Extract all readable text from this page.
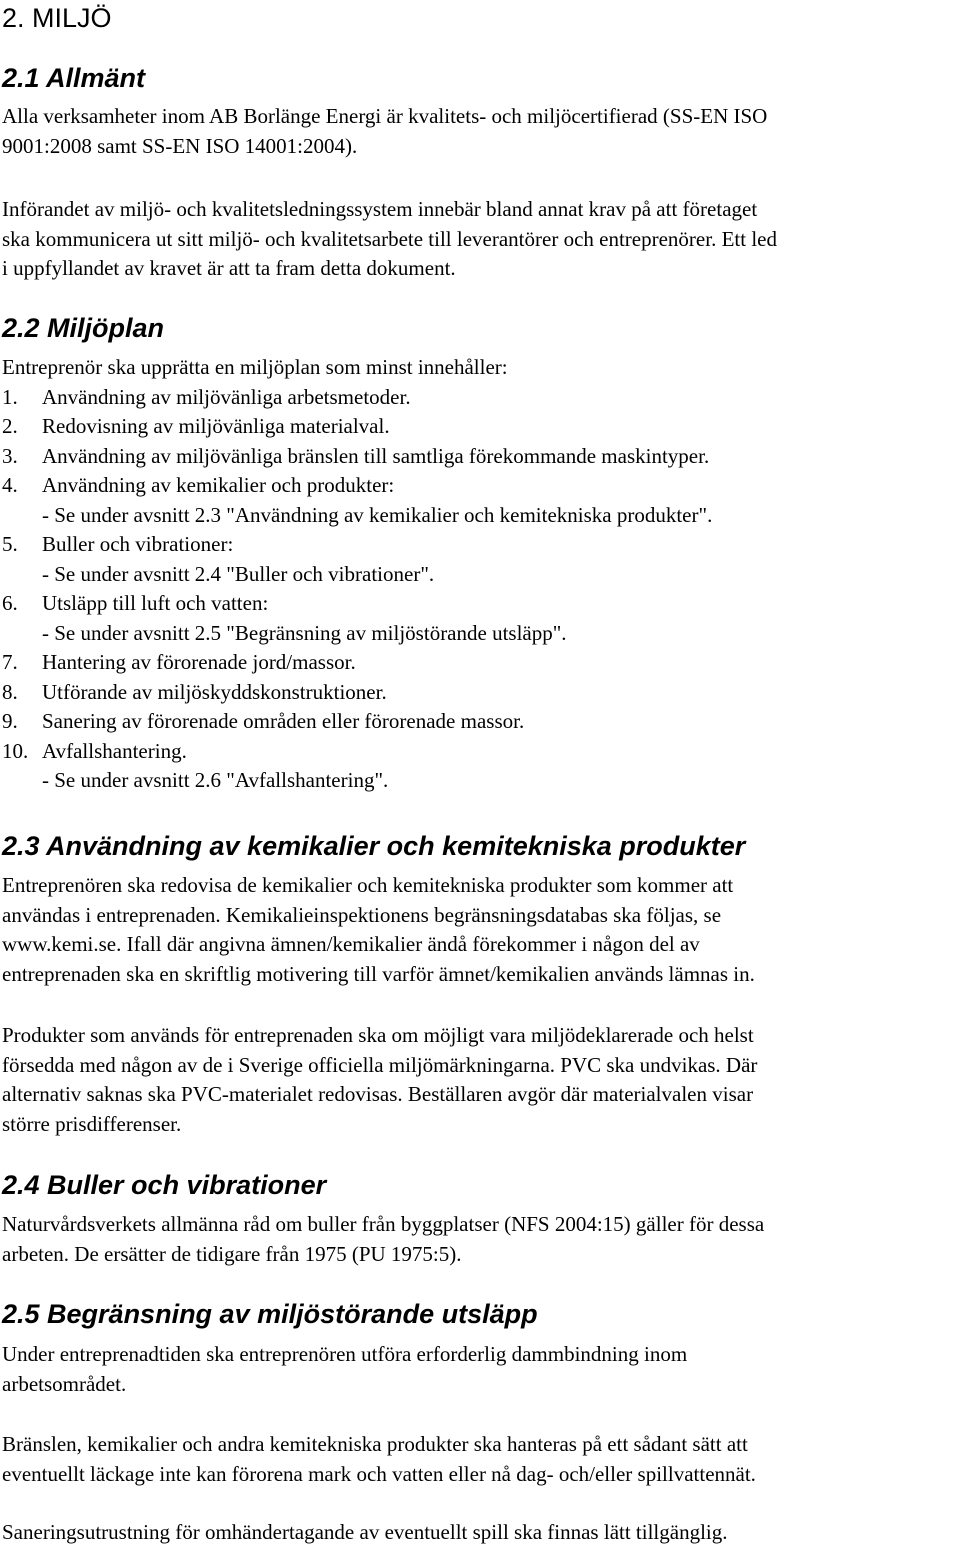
2. MILJÖ
2.1 Allmänt

Alla verksamheter inom AB Borlänge Energi är kvalitets- och miljöcertifierad (SS-EN ISO
9001:2008 samt SS-EN ISO 14001:2004).

Införandet av miljö- och kvalitetsledningssystem innebär bland annat krav på att företaget
ska kommunicera ut sitt miljö- och kvalitetsarbete till leverantörer och entreprenörer. Ett led
i uppfyllandet av kravet är att ta fram detta dokument.

2.2 Miljöplan

Entreprenör ska upprätta en miljöplan som minst innehåller:

1. Användning av miljövänliga arbetsmetoder.
2. Redovisning av miljövänliga materialval.
3. Användning av miljövänliga bränslen till samtliga förekommande maskintyper.
4. Användning av kemikalier och produkter:
- Se under avsnitt 2.3 "Användning av kemikalier och kemitekniska produkter".
5. Buller och vibrationer:
- Se under avsnitt 2.4 "Buller och vibrationer".
6. Utsläpp till luft och vatten:
- Se under avsnitt 2.5 "Begränsning av miljöstörande utsläpp".
7. Hantering av förorenade jord/massor.
8. Utförande av miljöskyddskonstruktioner.
9. Sanering av förorenade områden eller förorenade massor.
10. Avfallshantering.
- Se under avsnitt 2.6 "Avfallshantering".
2.3 Användning av kemikalier och kemitekniska produkter

Entreprenören ska redovisa de kemikalier och kemitekniska produkter som kommer att
användas i entreprenaden. Kemikalieinspektionens begränsningsdatabas ska följas, se
www.kemi.se. Ifall där angivna ämnen/kemikalier ändå förekommer i någon del av
entreprenaden ska en skriftlig motivering till varför ämnet/kemikalien används lämnas in.

Produkter som används för entreprenaden ska om möjligt vara miljödeklarerade och helst
försedda med någon av de i Sverige officiella miljömärkningarna. PVC ska undvikas. Där
alternativ saknas ska PVC-materialet redovisas. Beställaren avgör där materialvalen visar
större prisdifferenser.

2.4 Buller och vibrationer

Naturvårdsverkets allmänna råd om buller från byggplatser (NFS 2004:15) gäller för dessa
arbeten. De ersätter de tidigare från 1975 (PU 1975:5).

2.5 Begränsning av miljöstörande utsläpp

Under entreprenadtiden ska entreprenören utföra erforderlig dammbindning inom
arbetsområdet.

Bränslen, kemikalier och andra kemitekniska produkter ska hanteras på ett sådant sätt att
eventuellt läckage inte kan förorena mark och vatten eller nå dag- och/eller spillvattennät.

Saneringsutrustning för omhändertagande av eventuellt spill ska finnas lätt tillgänglig.
